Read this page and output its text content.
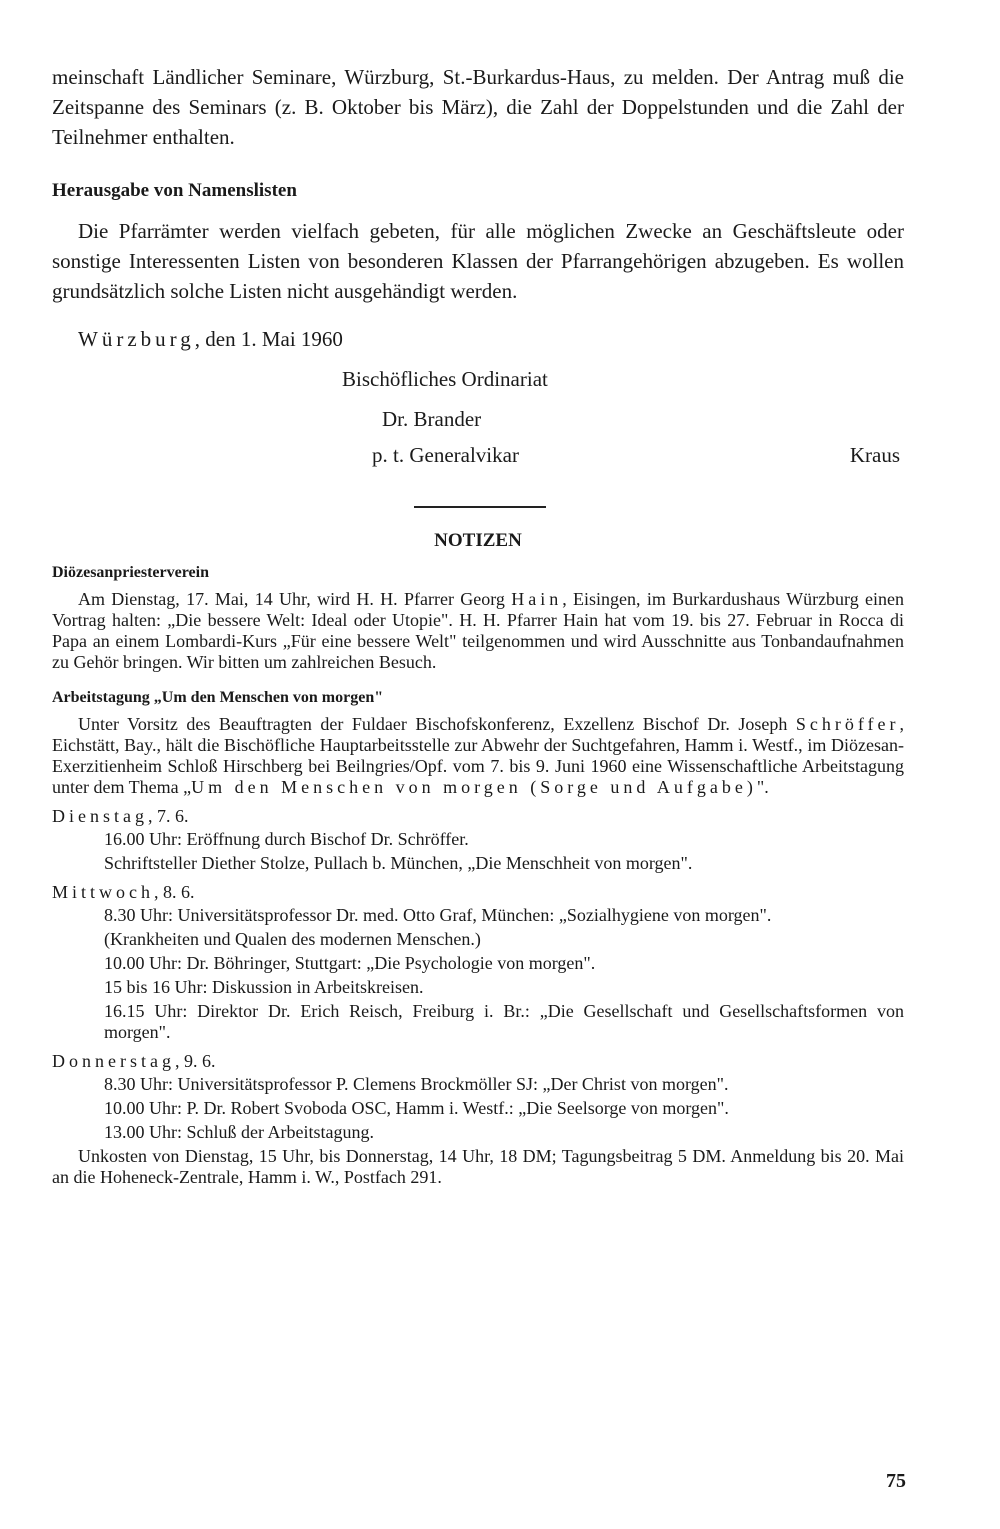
meinschaft Ländlicher Seminare, Würzburg, St.-Burkardus-Haus, zu melden. Der Antrag muß die Zeitspanne des Seminars (z. B. Oktober bis März), die Zahl der Doppelstunden und die Zahl der Teilnehmer enthalten.

Herausgabe von Namenslisten

Die Pfarrämter werden vielfach gebeten, für alle möglichen Zwecke an Geschäftsleute oder sonstige Interessenten Listen von besonderen Klassen der Pfarrangehörigen abzugeben. Es wollen grundsätzlich solche Listen nicht ausgehändigt werden.

Würzburg, den 1. Mai 1960
Bischöfliches Ordinariat
Dr. Brander
p. t. Generalvikar	Kraus
NOTIZEN
Diözesanpriesterverein

Am Dienstag, 17. Mai, 14 Uhr, wird H. H. Pfarrer Georg Hain, Eisingen, im Burkardushaus Würzburg einen Vortrag halten: „Die bessere Welt: Ideal oder Utopie". H. H. Pfarrer Hain hat vom 19. bis 27. Februar in Rocca di Papa an einem Lombardi-Kurs „Für eine bessere Welt" teilgenommen und wird Ausschnitte aus Tonbandaufnahmen zu Gehör bringen. Wir bitten um zahlreichen Besuch.

Arbeitstagung „Um den Menschen von morgen"

Unter Vorsitz des Beauftragten der Fuldaer Bischofskonferenz, Exzellenz Bischof Dr. Joseph Schröffer, Eichstätt, Bay., hält die Bischöfliche Hauptarbeitsstelle zur Abwehr der Suchtgefahren, Hamm i. Westf., im Diözesan-Exerzitienheim Schloß Hirschberg bei Beilngries/Opf. vom 7. bis 9. Juni 1960 eine Wissenschaftliche Arbeitstagung unter dem Thema „Um den Menschen von morgen (Sorge und Aufgabe)".

Dienstag, 7. 6.

16.00 Uhr: Eröffnung durch Bischof Dr. Schröffer.

Schriftsteller Diether Stolze, Pullach b. München, „Die Menschheit von morgen".

Mittwoch, 8. 6.

8.30 Uhr: Universitätsprofessor Dr. med. Otto Graf, München: „Sozialhygiene von morgen".

(Krankheiten und Qualen des modernen Menschen.)

10.00 Uhr: Dr. Böhringer, Stuttgart: „Die Psychologie von morgen".

15 bis 16 Uhr: Diskussion in Arbeitskreisen.

16.15 Uhr: Direktor Dr. Erich Reisch, Freiburg i. Br.: „Die Gesellschaft und Gesellschaftsformen von morgen".

Donnerstag, 9. 6.

8.30 Uhr: Universitätsprofessor P. Clemens Brockmöller SJ: „Der Christ von morgen".

10.00 Uhr: P. Dr. Robert Svoboda OSC, Hamm i. Westf.: „Die Seelsorge von morgen".

13.00 Uhr: Schluß der Arbeitstagung.

Unkosten von Dienstag, 15 Uhr, bis Donnerstag, 14 Uhr, 18 DM; Tagungsbeitrag 5 DM. Anmeldung bis 20. Mai an die Hoheneck-Zentrale, Hamm i. W., Postfach 291.

75
